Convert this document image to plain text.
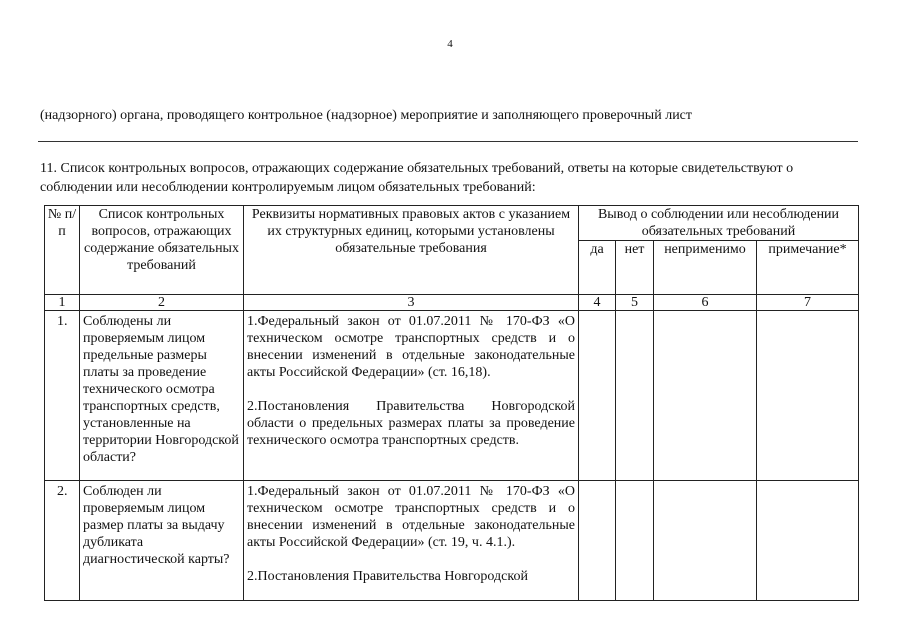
4
(надзорного) органа, проводящего контрольное (надзорное) мероприятие и заполняющего проверочный лист
11. Список контрольных вопросов, отражающих содержание обязательных требований, ответы на которые свидетельствуют о соблюдении или несоблюдении контролируемым лицом обязательных требований:
№ п/п	Список контрольных вопросов, отражающих содержание обязательных требований	Реквизиты нормативных правовых актов с указанием их структурных единиц, которыми установлены обязательные требования	Вывод о соблюдении или несоблюдении обязательных требований			
			да	нет	неприменимо	примечание*
1	2	3	4	5	6	7
1.	Соблюдены ли проверяемым лицом предельные размеры платы за проведение технического осмотра транспортных средств, установленные на территории Новгородской области?	1.Федеральный закон от 01.07.2011 № 170-ФЗ «О техническом осмотре транспортных средств и о внесении изменений в отдельные законодательные акты Российской Федерации» (ст. 16,18).

2.Постановления Правительства Новгородской области о предельных размерах платы за проведение технического осмотра транспортных средств.				

2.	Соблюден ли проверяемым лицом размер платы за выдачу дубликата диагностической карты?	1.Федеральный закон от 01.07.2011 № 170-ФЗ «О техническом осмотре транспортных средств и о внесении изменений в отдельные законодательные акты Российской Федерации» (ст. 19, ч. 4.1.).

2.Постановления Правительства Новгородской				
